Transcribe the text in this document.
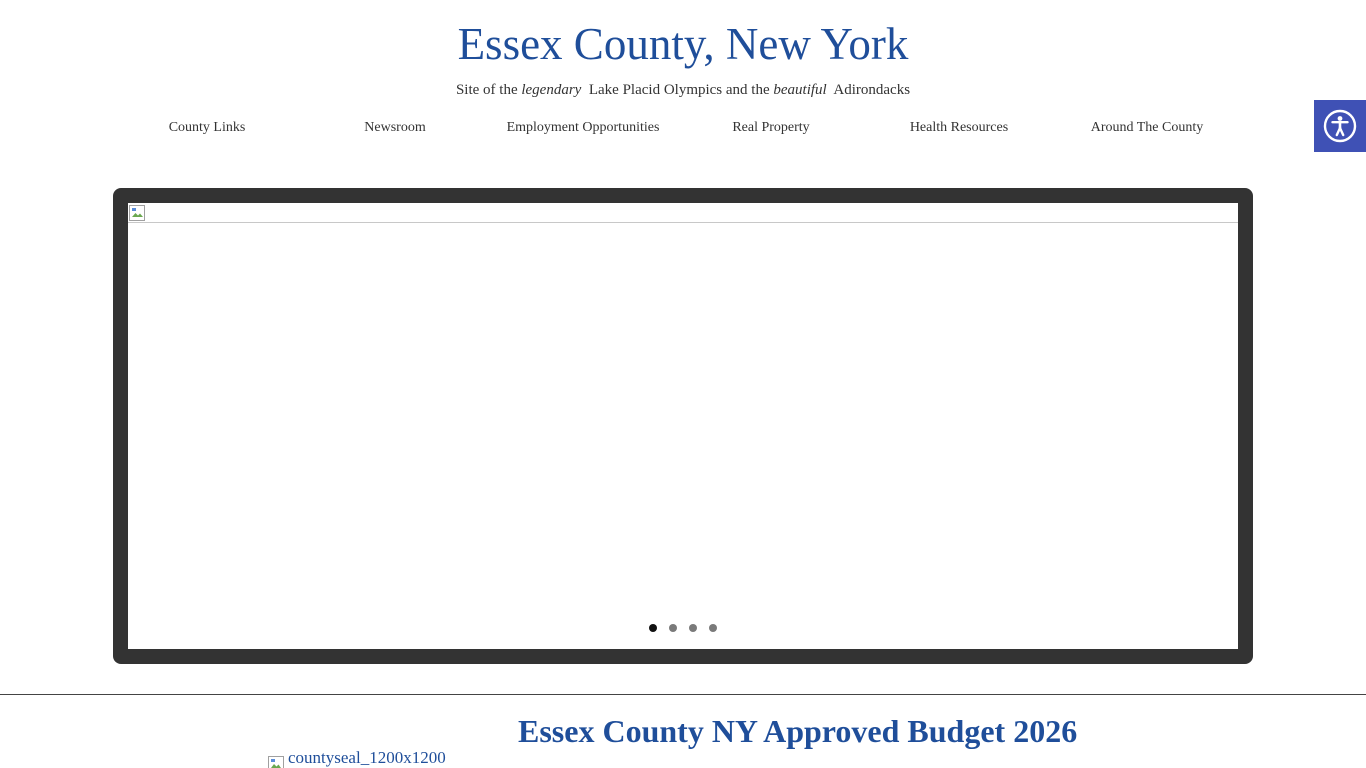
Essex County, New York

Site of the legendary  Lake Placid Olympics and the beautiful  Adirondacks

County Links	Newsroom	Employment Opportunities	Real Property	Health Resources	Around The County
Essex County NY Approved Budget 2026
countyseal_1200x1200
